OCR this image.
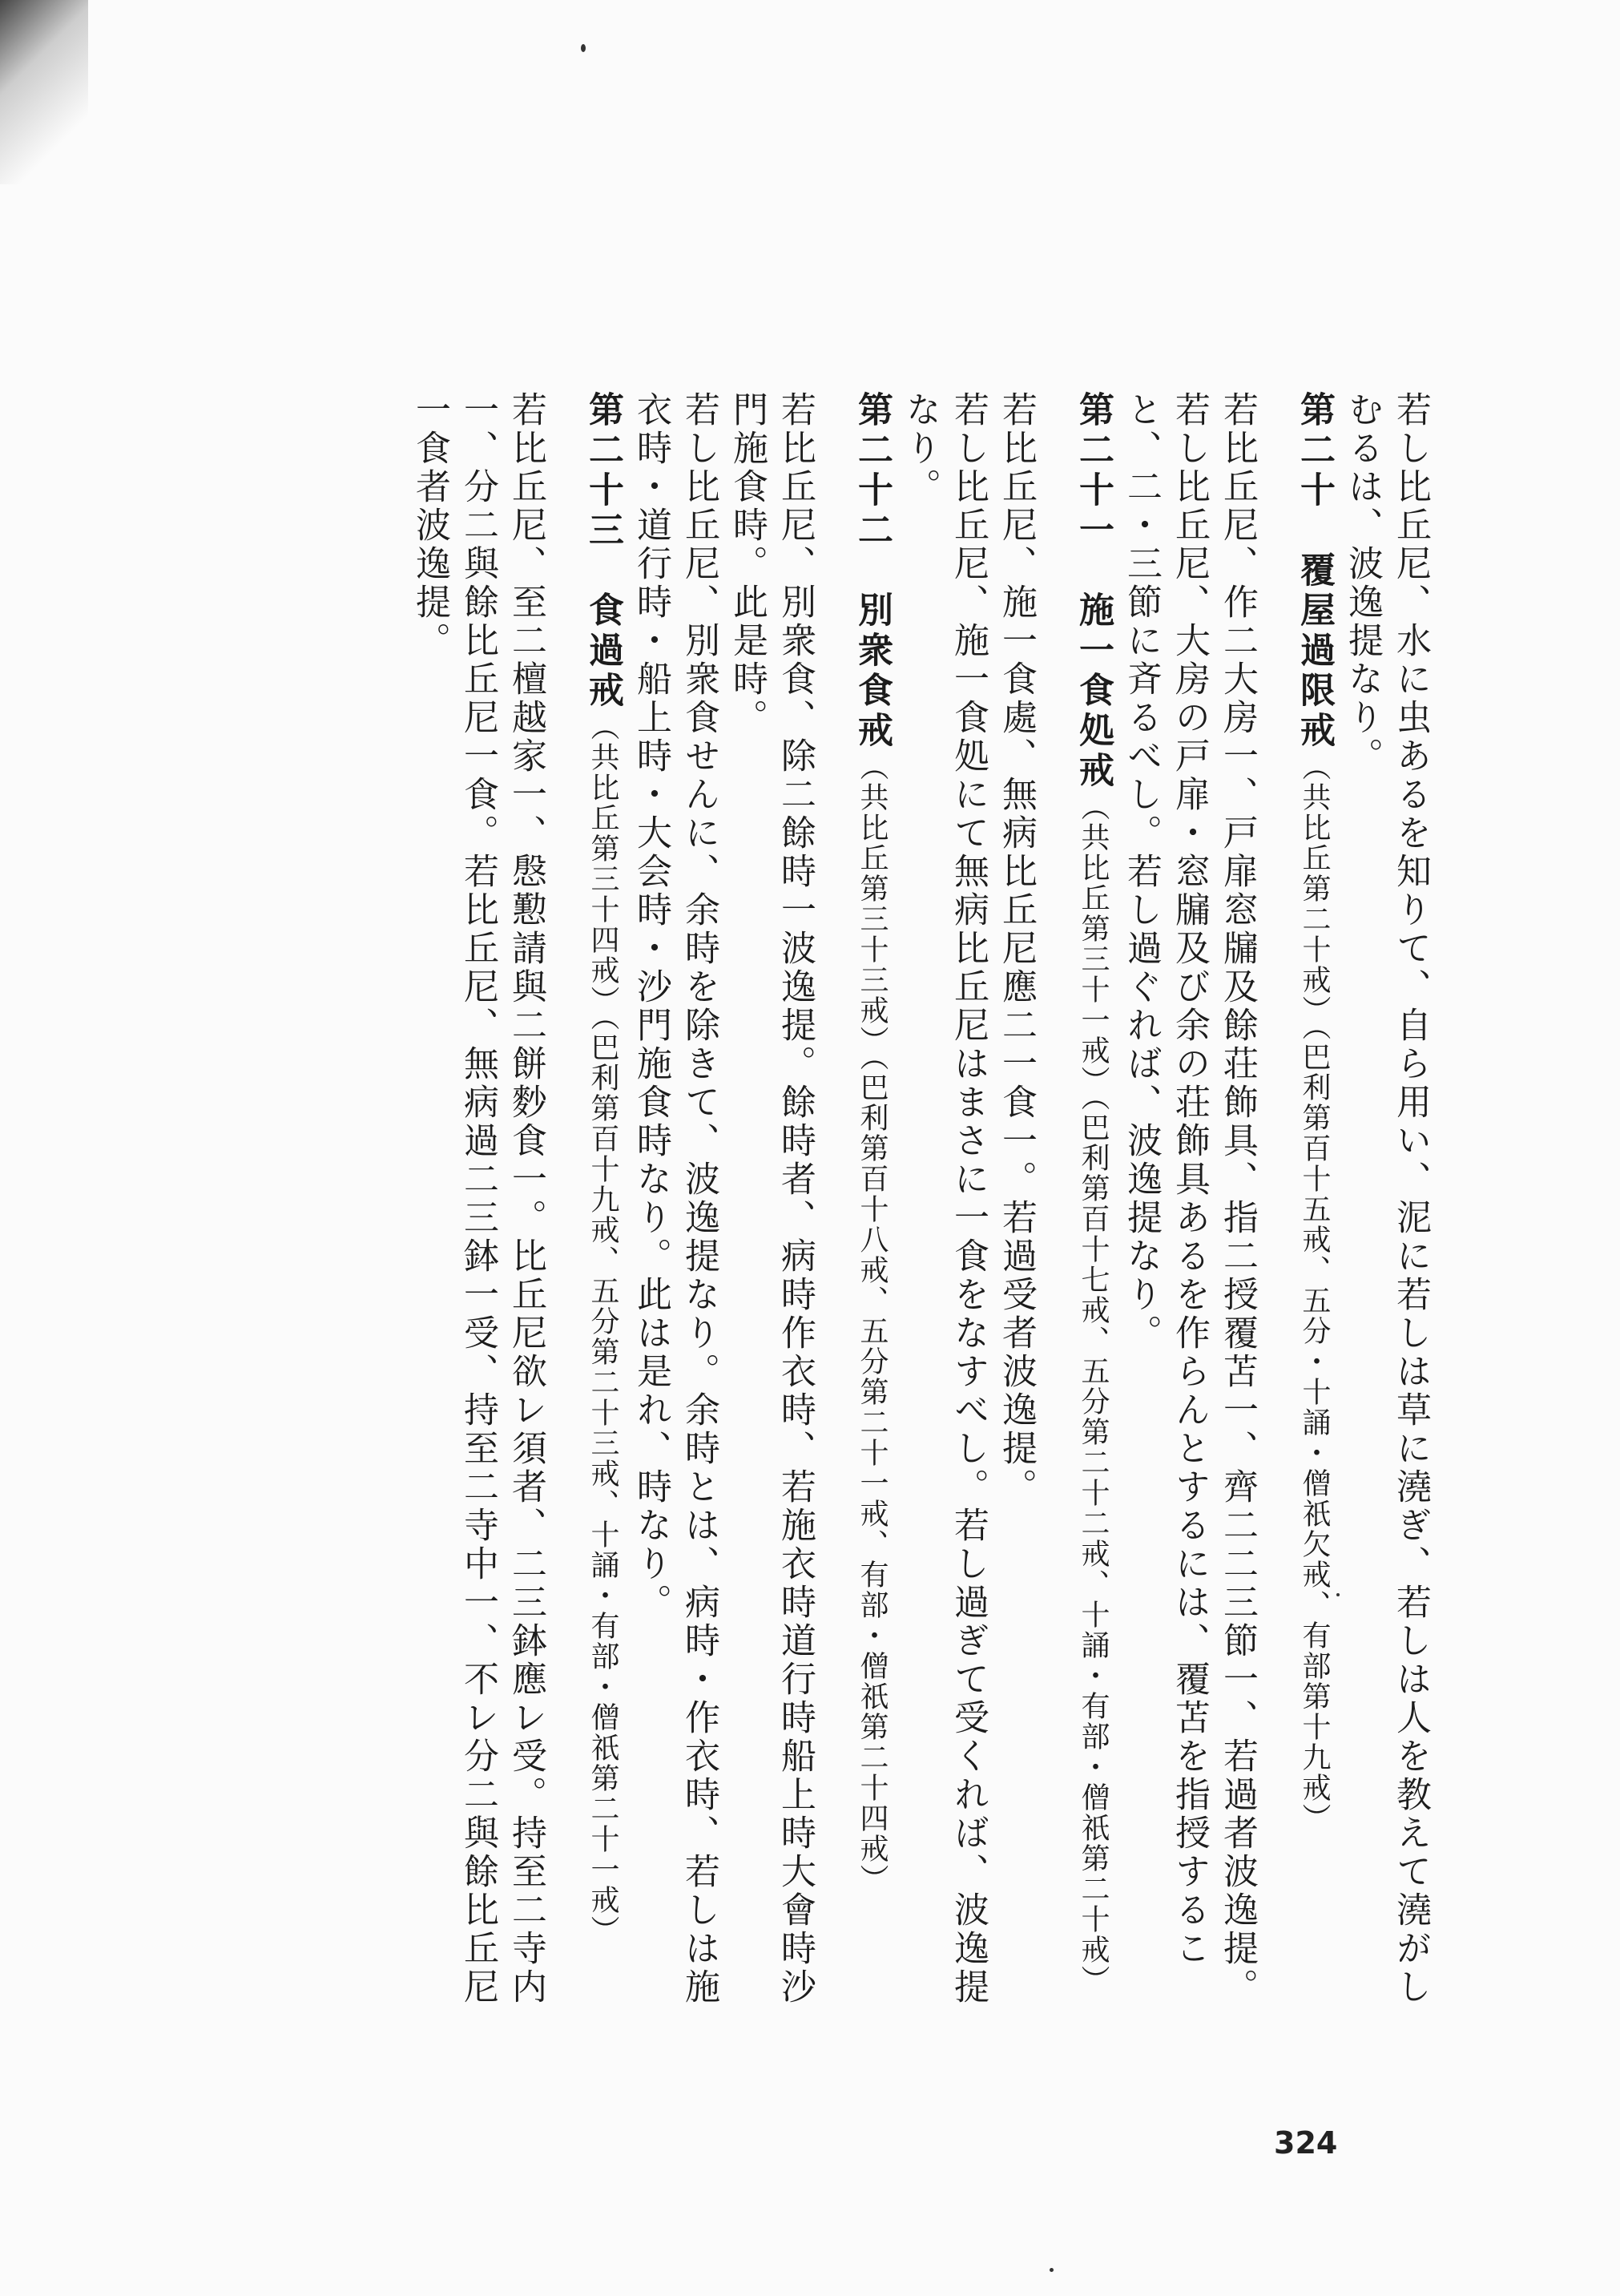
若し比丘尼、水に虫あるを知りて、自ら用い、泥に若しは草に澆ぎ、若しは人を教えて澆がしむるは、波逸提なり。

第二十　覆屋過限戒（共比丘第二十戒）（巴利第百十五戒、五分・十誦・僧祇欠戒、有部第十九戒）

若比丘尼、作二大房一、戸扉窓牖及餘荘飾具、指二授覆苫一、齊二二三節一、若過者波逸提。

若し比丘尼、大房の戸扉・窓牖及び余の荘飾具あるを作らんとするには、覆苫を指授すること、二・三節に斉るべし。若し過ぐれば、波逸提なり。

第二十一　施一食処戒（共比丘第三十一戒）（巴利第百十七戒、五分第二十二戒、十誦・有部・僧祇第二十戒）

若比丘尼、施一食處、無病比丘尼應二一食一。若過受者波逸提。

若し比丘尼、施一食処にて無病比丘尼はまさに一食をなすべし。若し過ぎて受くれば、波逸提なり。

第二十二　別衆食戒（共比丘第三十三戒）（巴利第百十八戒、五分第二十一戒、有部・僧祇第二十四戒）

若比丘尼、別衆食、除二餘時一波逸提。餘時者、病時作衣時、若施衣時道行時船上時大會時沙門施食時。此是時。

若し比丘尼、別衆食せんに、余時を除きて、波逸提なり。余時とは、病時・作衣時、若しは施衣時・道行時・船上時・大会時・沙門施食時なり。此は是れ、時なり。

第二十三　食過戒（共比丘第三十四戒）（巴利第百十九戒、五分第二十三戒、十誦・有部・僧祇第二十一戒）

若比丘尼、至二檀越家一、慇懃請與二餅麨食一。比丘尼欲レ須者、二三鉢應レ受。持至二寺内一、分二與餘比丘尼一食。若比丘尼、無病過二三鉢一受、持至二寺中一、不レ分二與餘比丘尼一食者波逸提。

324
